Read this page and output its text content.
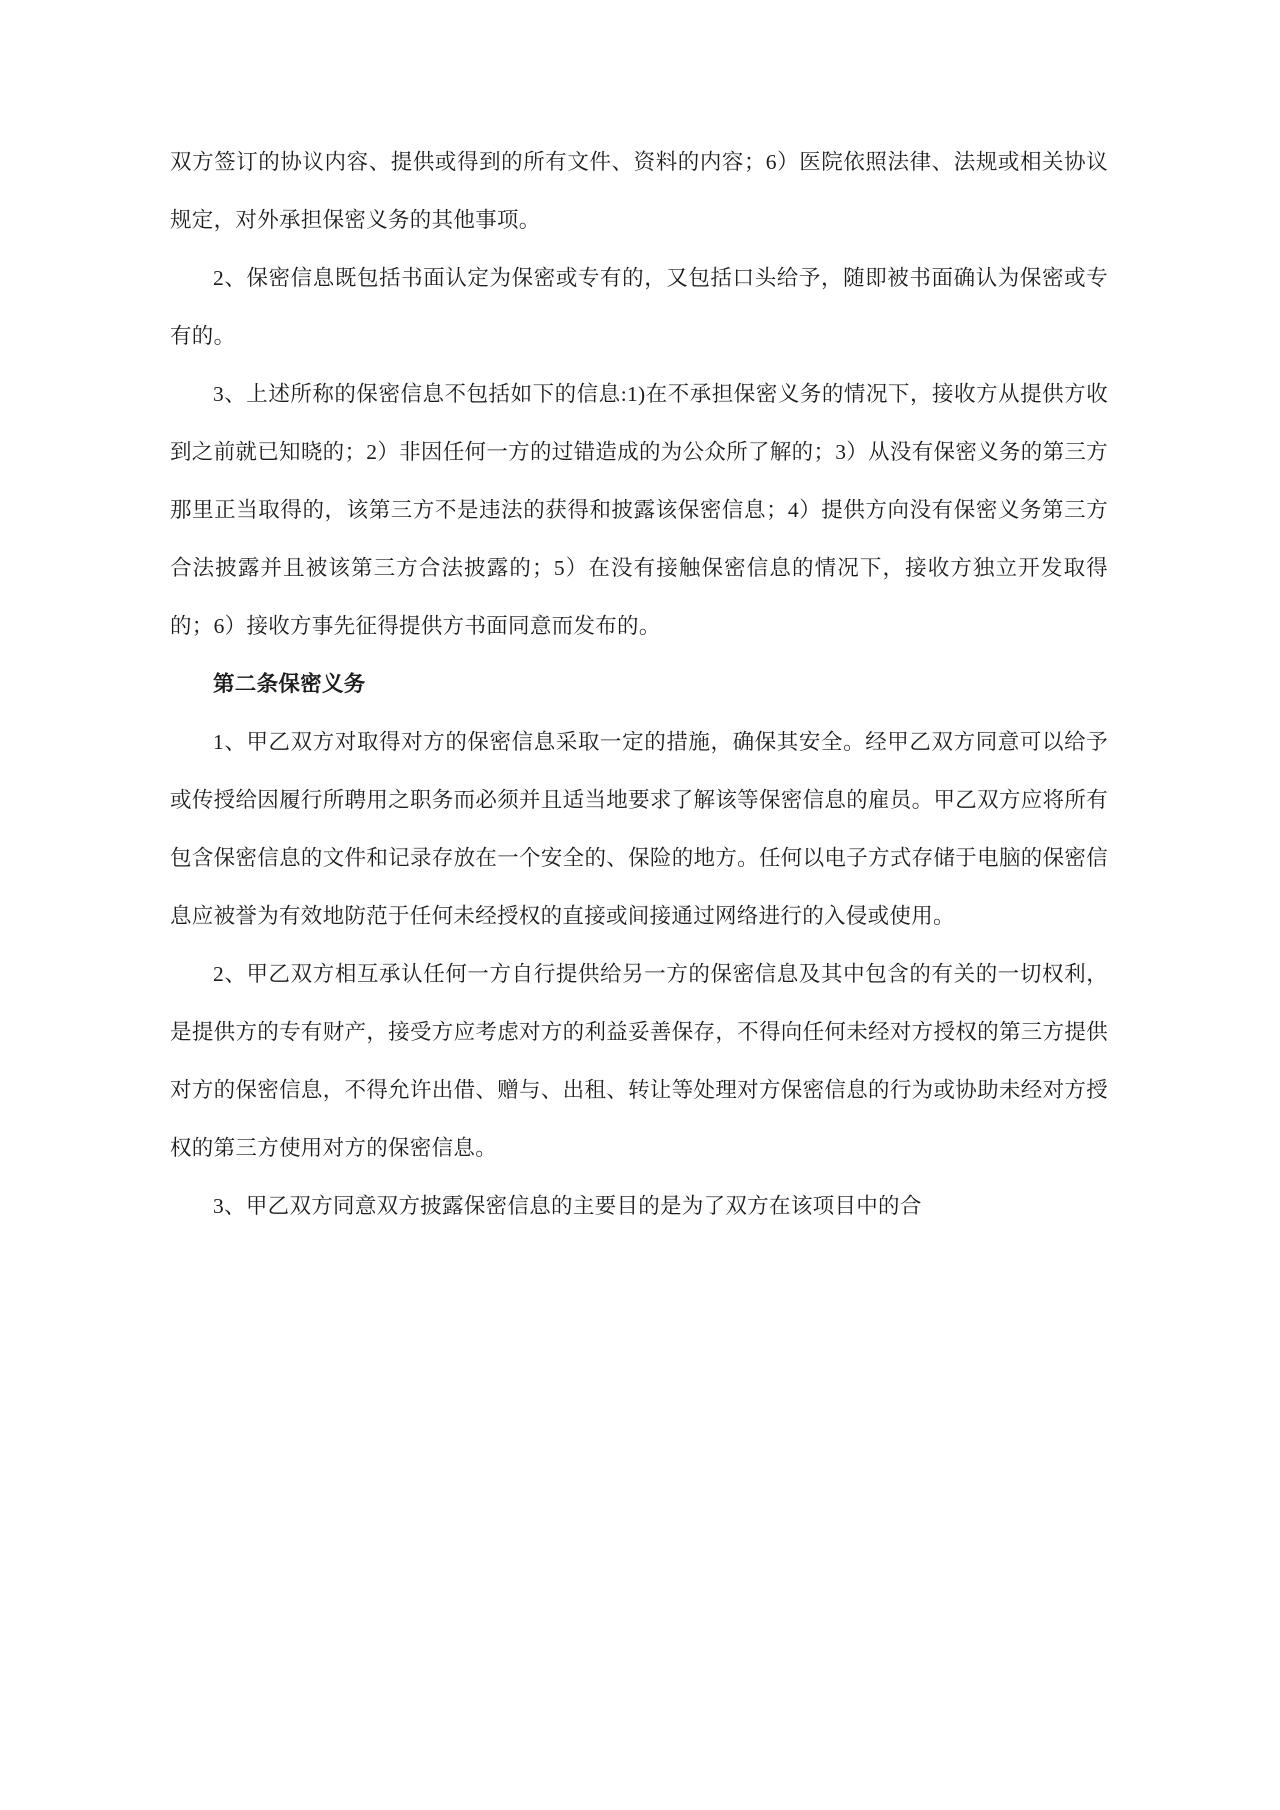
双方签订的协议内容、提供或得到的所有文件、资料的内容；6）医院依照法律、法规或相关协议规定，对外承担保密义务的其他事项。

2、保密信息既包括书面认定为保密或专有的，又包括口头给予，随即被书面确认为保密或专有的。

3、上述所称的保密信息不包括如下的信息:1)在不承担保密义务的情况下，接收方从提供方收到之前就已知晓的；2）非因任何一方的过错造成的为公众所了解的；3）从没有保密义务的第三方那里正当取得的，该第三方不是违法的获得和披露该保密信息；4）提供方向没有保密义务第三方合法披露并且被该第三方合法披露的；5）在没有接触保密信息的情况下，接收方独立开发取得的；6）接收方事先征得提供方书面同意而发布的。

第二条保密义务

1、甲乙双方对取得对方的保密信息采取一定的措施，确保其安全。经甲乙双方同意可以给予或传授给因履行所聘用之职务而必须并且适当地要求了解该等保密信息的雇员。甲乙双方应将所有包含保密信息的文件和记录存放在一个安全的、保险的地方。任何以电子方式存储于电脑的保密信息应被誉为有效地防范于任何未经授权的直接或间接通过网络进行的入侵或使用。

2、甲乙双方相互承认任何一方自行提供给另一方的保密信息及其中包含的有关的一切权利，是提供方的专有财产，接受方应考虑对方的利益妥善保存，不得向任何未经对方授权的第三方提供对方的保密信息，不得允许出借、赠与、出租、转让等处理对方保密信息的行为或协助未经对方授权的第三方使用对方的保密信息。

3、甲乙双方同意双方披露保密信息的主要目的是为了双方在该项目中的合
